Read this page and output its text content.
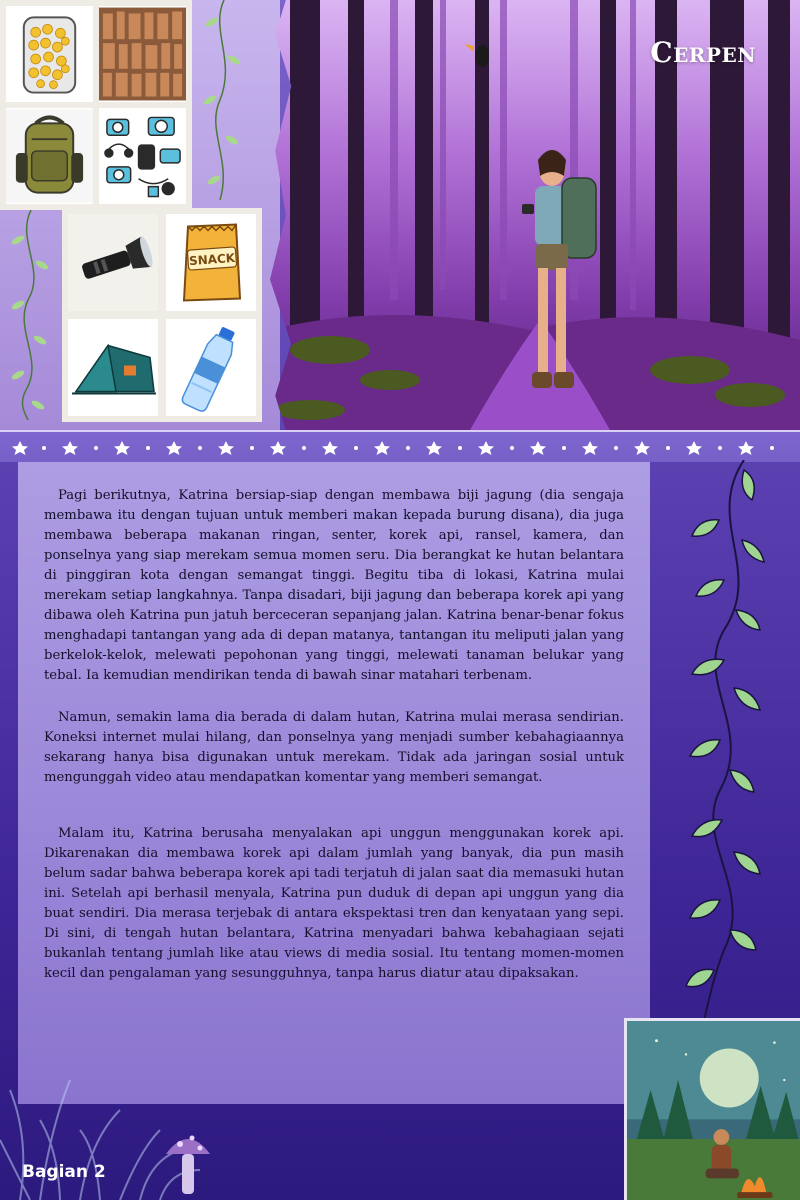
SNACK
Cerpen

Pagi berikutnya, Katrina bersiap-siap dengan membawa biji jagung (dia sengaja membawa itu dengan tujuan untuk memberi makan kepada burung disana), dia juga membawa beberapa makanan ringan, senter, korek api, ransel, kamera, dan ponselnya yang siap merekam semua momen seru. Dia berangkat ke hutan belantara di pinggiran kota dengan semangat tinggi. Begitu tiba di lokasi, Katrina mulai merekam setiap langkahnya. Tanpa disadari, biji jagung dan beberapa korek api yang dibawa oleh Katrina pun jatuh berceceran sepanjang jalan. Katrina benar-benar fokus menghadapi tantangan yang ada di depan matanya, tantangan itu meliputi jalan yang berkelok-kelok, melewati pepohonan yang tinggi, melewati tanaman belukar yang tebal. Ia kemudian mendirikan tenda di bawah sinar matahari terbenam.

Namun, semakin lama dia berada di dalam hutan, Katrina mulai merasa sendirian. Koneksi internet mulai hilang, dan ponselnya yang menjadi sumber kebahagiaannya sekarang hanya bisa digunakan untuk merekam. Tidak ada jaringan sosial untuk mengunggah video atau mendapatkan komentar yang memberi semangat.

Malam itu, Katrina berusaha menyalakan api unggun menggunakan korek api. Dikarenakan dia membawa korek api dalam jumlah yang banyak, dia pun masih belum sadar bahwa beberapa korek api tadi terjatuh di jalan saat dia memasuki hutan ini. Setelah api berhasil menyala, Katrina pun duduk di depan api unggun yang dia buat sendiri. Dia merasa terjebak di antara ekspektasi tren dan kenyataan yang sepi. Di sini, di tengah hutan belantara, Katrina menyadari bahwa kebahagiaan sejati bukanlah tentang jumlah like atau views di media sosial. Itu tentang momen-momen kecil dan pengalaman yang sesungguhnya, tanpa harus diatur atau dipaksakan.

Bagian 2
